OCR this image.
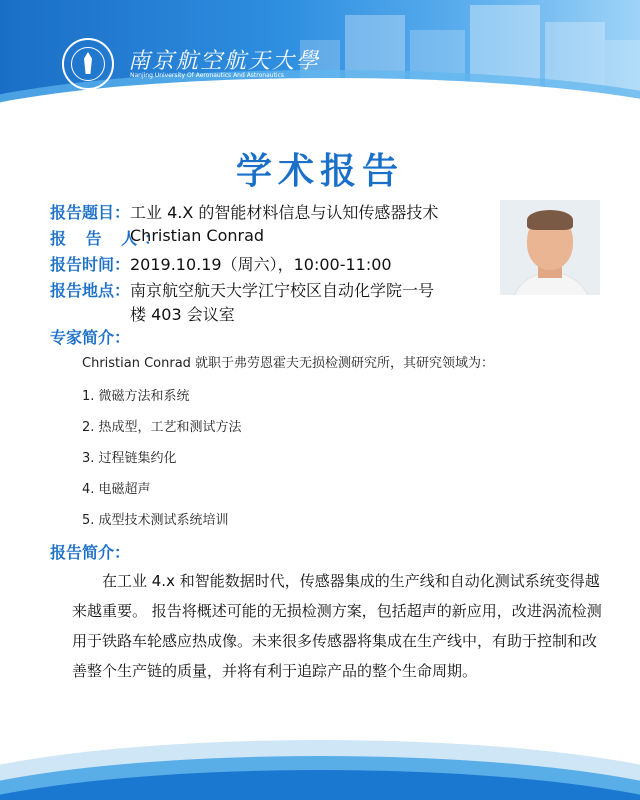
南京航空航天大學
Nanjing University Of Aeronautics And Astronautics
学术报告
报告题目：工业 4.X 的智能材料信息与认知传感器技术
报 告 人：Christian Conrad
报告时间：2019.10.19（周六），10:00-11:00
报告地点：南京航空航天大学江宁校区自动化学院一号
楼 403 会议室
专家简介：
Christian Conrad 就职于弗劳恩霍夫无损检测研究所，其研究领域为：
1. 微磁方法和系统
2. 热成型，工艺和测试方法
3. 过程链集约化
4. 电磁超声
5. 成型技术测试系统培训
报告简介：
在工业 4.x 和智能数据时代，传感器集成的生产线和自动化测试系统变得越
来越重要。 报告将概述可能的无损检测方案，包括超声的新应用，改进涡流检测
用于铁路车轮感应热成像。未来很多传感器将集成在生产线中，有助于控制和改
善整个生产链的质量，并将有利于追踪产品的整个生命周期。
